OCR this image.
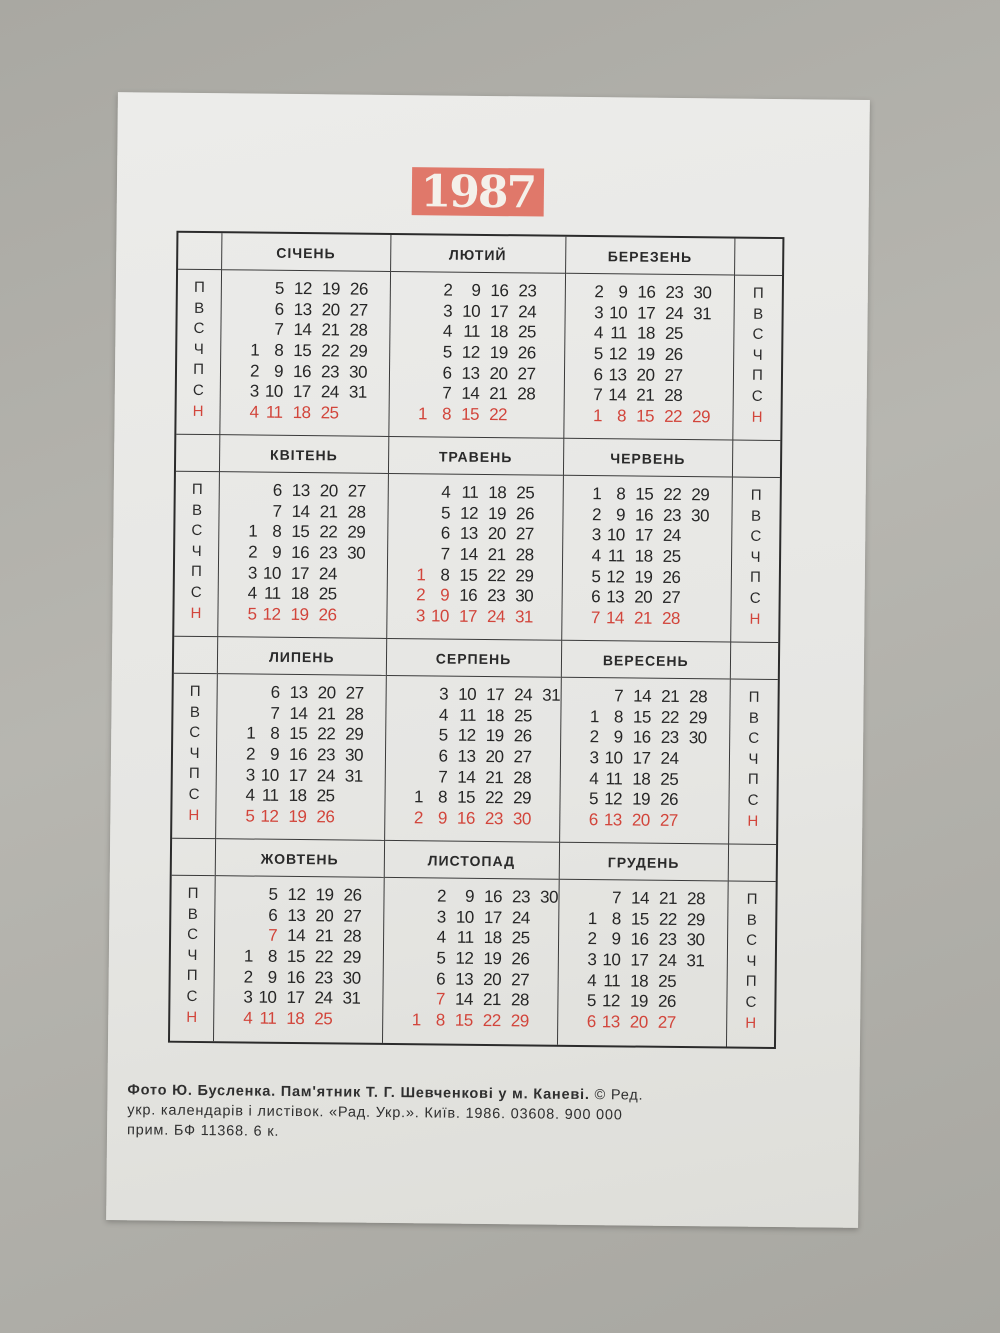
1987
П
В
С
Ч
П
С
Н
СІЧЕНЬ
5 12 19 26
6 13 20 27
7 14 21 28
1 8 15 22 29
2 9 16 23 30
3 10 17 24 31
4 11 18 25
ЛЮТИЙ
2	9 16 23
3 10 17 24
4 11 18 25
5 12 19 26
6 13 20 27
7 14 21 28
1 8 15 22
БЕРЕЗЕНЬ
2 9 16 23 30
3 10 17 24 31
4 11 18 25
5 12 19 26
6 13 20 27
7 14 21 28
1 8 15 22 29
П
В
С
Ч
П
С
Н
П
В
С
Ч
П
С
Н
КВІТЕНЬ
6 13 20 27
7 14 21 28
1 8 15 22 29
2 9 16 23 30
3 10 17 24
4 11 18 25
5 12 19 26
ТРАВЕНЬ
4 11 18 25
5 12 19 26
6 13 20 27
7 14 21 28
1 8 15 22 29
2 9 16 23 30
3 10 17 24 31
ЧЕРВЕНЬ
1 8 15 22 29
2 9 16 23 30
3 10 17 24
4 11 18 25
5 12 19 26
6 13 20 27
7 14 21 28
П
В
С
Ч
П
С
Н
П
В
С
Ч
П
С
Н
ЛИПЕНЬ
6 13 20 27
7 14 21 28
1 8 15 22 29
2 9 16 23 30
3 10 17 24 31
4 11 18 25
5 12 19 26
СЕРПЕНЬ
3 10 17 24 31
4 11 18 25
5 12 19 26
6 13 20 27
7 14 21 28
1 8 15 22 29
2 9 16 23 30
ВЕРЕСЕНЬ
7 14 21 28
1 8 15 22 29
2 9 16 23 30
3 10 17 24
4 11 18 25
5 12 19 26
6 13 20 27
П
В
С
Ч
П
С
Н
П
В
С
Ч
П
С
Н
ЖОВТЕНЬ
5 12 19 26
6 13 20 27
7 14 21 28
1 8 15 22 29
2 9 16 23 30
3 10 17 24 31
4 11 18 25
ЛИСТОПАД
2	9 16 23 30
3 10 17 24
4 11 18 25
5 12 19 26
6 13 20 27
7 14 21 28
1 8 15 22 29
ГРУДЕНЬ
7 14 21 28
1 8 15 22 29
2 9 16 23 30
3 10 17 24 31
4 11 18 25
5 12 19 26
6 13 20 27
П
В
С
Ч
П
С
Н
Фото Ю. Бусленка. Пам'ятник Т. Г. Шевченкові у м. Каневі. © Ред.
укр. календарів і листівок. «Рад. Укр.». Київ. 1986. 03608. 900 000
прим. БФ 11368. 6 к.
